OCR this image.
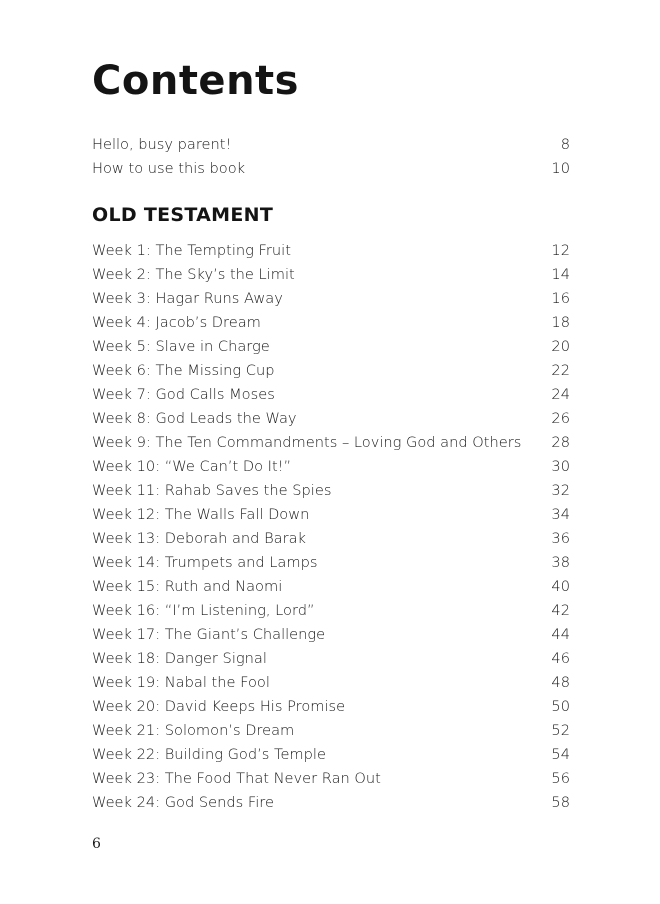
Contents
Hello, busy parent!	8
How to use this book	10
OLD TESTAMENT
Week 1: The Tempting Fruit	12
Week 2: The Sky’s the Limit	14
Week 3: Hagar Runs Away	16
Week 4: Jacob’s Dream	18
Week 5: Slave in Charge	20
Week 6: The Missing Cup	22
Week 7: God Calls Moses	24
Week 8: God Leads the Way	26
Week 9: The Ten Commandments – Loving God and Others 28
Week 10: “We Can’t Do It!”	30
Week 11: Rahab Saves the Spies	32
Week 12: The Walls Fall Down	34
Week 13: Deborah and Barak	36
Week 14: Trumpets and Lamps	38
Week 15: Ruth and Naomi	40
Week 16: “I’m Listening, Lord”	42
Week 17: The Giant’s Challenge	44
Week 18: Danger Signal	46
Week 19: Nabal the Fool	48
Week 20: David Keeps His Promise	50
Week 21: Solomon’s Dream	52
Week 22: Building God’s Temple	54
Week 23: The Food That Never Ran Out	56
Week 24: God Sends Fire	58
6
